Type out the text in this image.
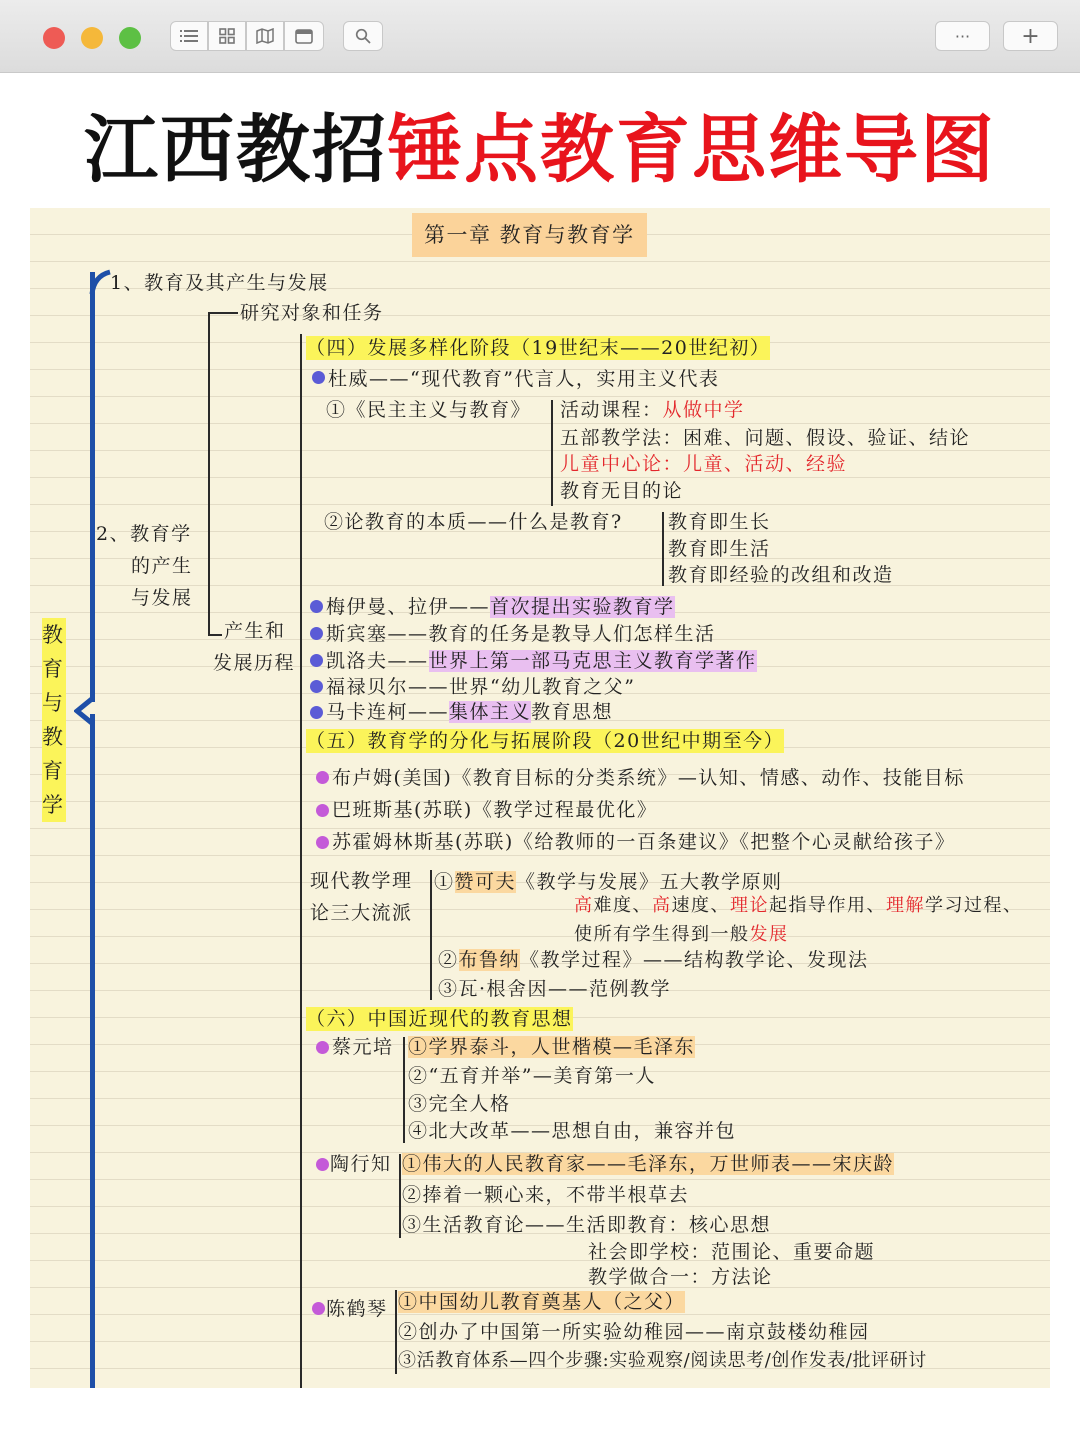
··· +
江西教招锤点教育思维导图
第一章 教育与教育学
教
育
与
教
育
学
1、教育及其产生与发展
研究对象和任务
2、教育学
的产生
与发展
产生和
发展历程
（四）发展多样化阶段（19世纪末——20世纪初）
杜威——“现代教育”代言人，实用主义代表
①《民主主义与教育》 活动课程：从做中学
五部教学法：困难、问题、假设、验证、结论
儿童中心论：儿童、活动、经验
教育无目的论
②论教育的本质——什么是教育? 教育即生长
教育即生活
教育即经验的改组和改造
梅伊曼、拉伊——首次提出实验教育学
斯宾塞——教育的任务是教导人们怎样生活
凯洛夫——世界上第一部马克思主义教育学著作
福禄贝尔——世界“幼儿教育之父”
马卡连柯——集体主义教育思想
（五）教育学的分化与拓展阶段（20世纪中期至今）
布卢姆(美国)《教育目标的分类系统》—认知、情感、动作、技能目标
巴班斯基(苏联)《教学过程最优化》
苏霍姆林斯基(苏联)《给教师的一百条建议》《把整个心灵献给孩子》
现代教学理
论三大流派
①赞可夫《教学与发展》五大教学原则
高难度、高速度、理论起指导作用、理解学习过程、
使所有学生得到一般发展
②布鲁纳《教学过程》——结构教学论、发现法
③瓦·根舍因——范例教学
（六）中国近现代的教育思想
蔡元培 ①学界泰斗，人世楷模—毛泽东
②“五育并举”—美育第一人
③完全人格
④北大改革——思想自由，兼容并包
陶行知 ①伟大的人民教育家——毛泽东，万世师表——宋庆龄
②捧着一颗心来，不带半根草去
③生活教育论——生活即教育：核心思想
社会即学校：范围论、重要命题
教学做合一：方法论
陈鹤琴 ①中国幼儿教育奠基人（之父）
②创办了中国第一所实验幼稚园——南京鼓楼幼稚园
③活教育体系—四个步骤:实验观察/阅读思考/创作发表/批评研讨
